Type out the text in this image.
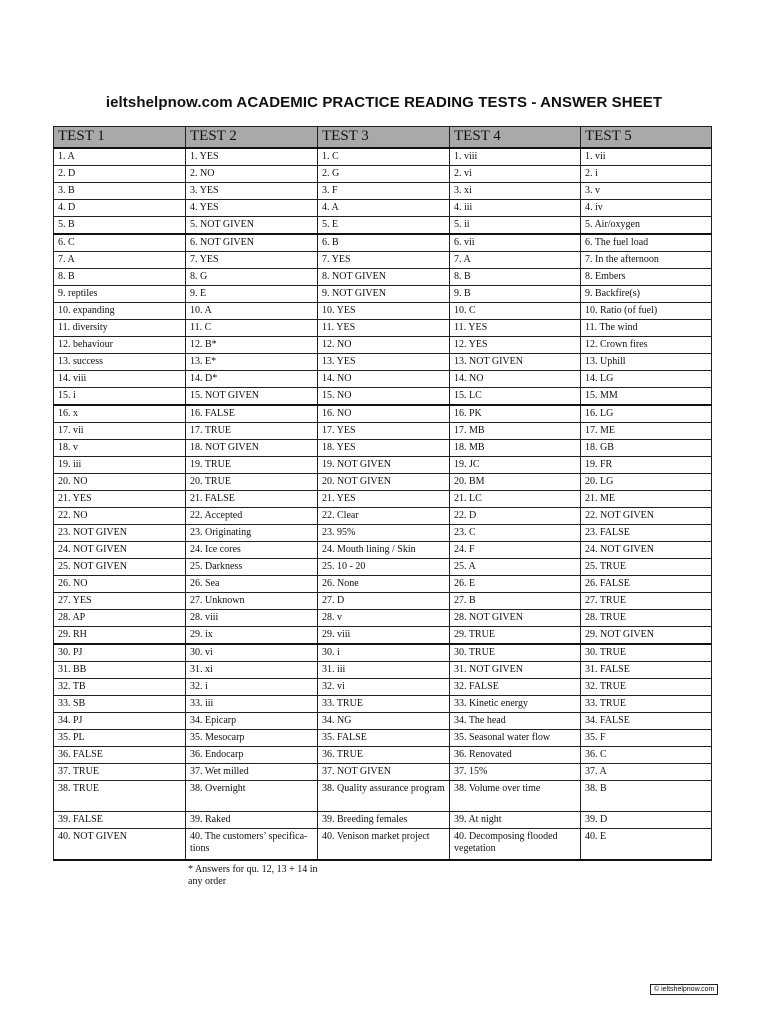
ieltshelpnow.com ACADEMIC PRACTICE READING TESTS - ANSWER SHEET
TEST 1	TEST 2	TEST 3	TEST 4	TEST 5
1. A	1. YES	1. C	1. viii	1. vii
2. D	2. NO	2. G	2. vi	2. i
3. B	3. YES	3. F	3. xi	3. v
4. D	4. YES	4. A	4. iii	4. iv
5. B	5. NOT GIVEN	5. E	5. ii	5. Air/oxygen
6. C	6. NOT GIVEN	6. B	6. vii	6. The fuel load
7. A	7. YES	7. YES	7. A	7. In the afternoon
8. B	8. G	8. NOT GIVEN	8. B	8. Embers
9. reptiles	9. E	9. NOT GIVEN	9. B	9. Backfire(s)
10. expanding	10. A	10. YES	10. C	10. Ratio (of fuel)
11. diversity	11. C	11. YES	11. YES	11. The wind
12. behaviour	12. B*	12. NO	12. YES	12. Crown fires
13. success	13. E*	13. YES	13. NOT GIVEN	13. Uphill
14. viii	14. D*	14. NO	14. NO	14. LG
15. i	15. NOT GIVEN	15. NO	15. LC	15. MM
16. x	16. FALSE	16. NO	16. PK	16. LG
17. vii	17. TRUE	17. YES	17. MB	17. ME
18. v	18. NOT GIVEN	18. YES	18. MB	18. GB
19. iii	19. TRUE	19. NOT GIVEN	19. JC	19. FR
20. NO	20. TRUE	20. NOT GIVEN	20. BM	20. LG
21. YES	21. FALSE	21. YES	21. LC	21. ME
22. NO	22. Accepted	22. Clear	22. D	22. NOT GIVEN
23. NOT GIVEN	23. Originating	23. 95%	23. C	23. FALSE
24. NOT GIVEN	24. Ice cores	24. Mouth lining / Skin	24. F	24. NOT GIVEN
25. NOT GIVEN	25. Darkness	25. 10 - 20	25. A	25. TRUE
26. NO	26. Sea	26. None	26. E	26. FALSE
27. YES	27. Unknown	27. D	27. B	27. TRUE
28. AP	28. viii	28. v	28. NOT GIVEN	28. TRUE
29. RH	29. ix	29. viii	29. TRUE	29. NOT GIVEN
30. PJ	30. vi	30. i	30. TRUE	30. TRUE
31. BB	31. xi	31. iii	31. NOT GIVEN	31. FALSE
32. TB	32. i	32. vi	32. FALSE	32. TRUE
33. SB	33. iii	33. TRUE	33. Kinetic energy	33. TRUE
34. PJ	34. Epicarp	34. NG	34. The head	34. FALSE
35. PL	35. Mesocarp	35. FALSE	35. Seasonal water flow	35. F
36. FALSE	36. Endocarp	36. TRUE	36. Renovated	36. C
37. TRUE	37. Wet milled	37. NOT GIVEN	37. 15%	37. A
38. TRUE	38. Overnight	38. Quality assurance program	38. Volume over time	38. B
39. FALSE	39. Raked	39. Breeding females	39. At night	39. D
40. NOT GIVEN	40. The customers’ specifica-tions	40. Venison market project	40. Decomposing flooded vegetation	40. E
* Answers for qu. 12, 13 + 14 in any order
© ieltshelpnow.com
